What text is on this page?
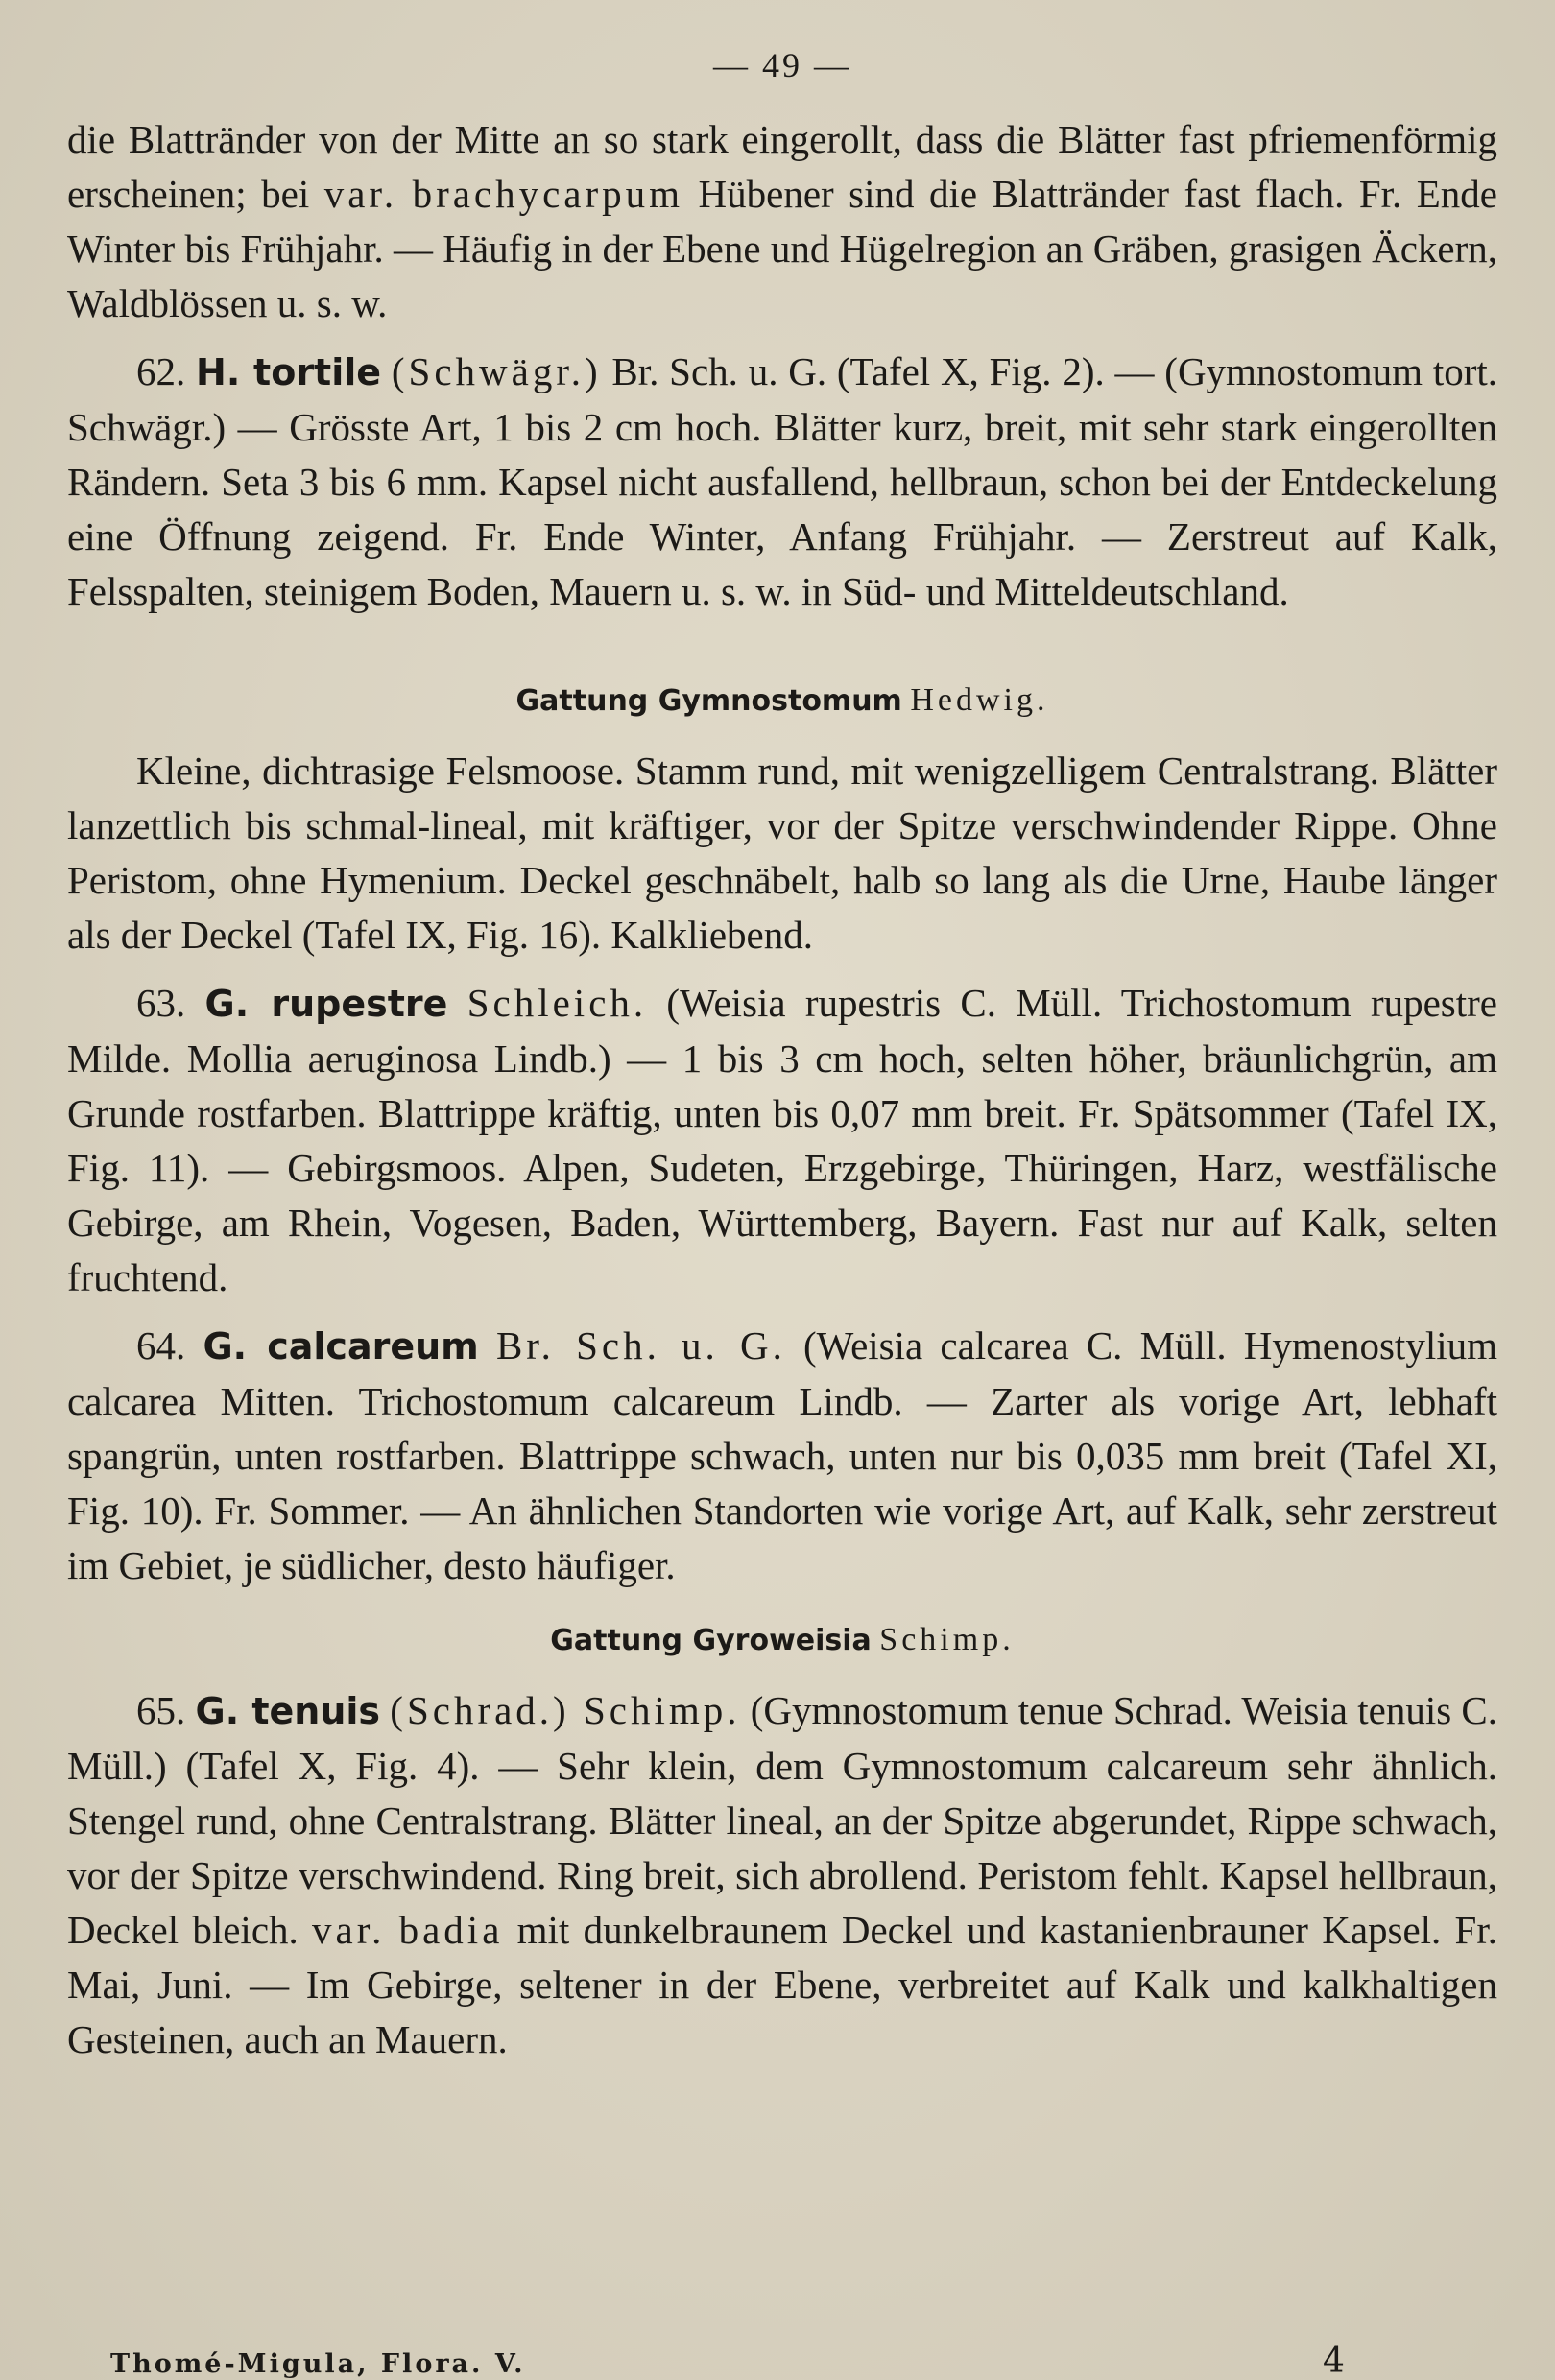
— 49 —

die Blattränder von der Mitte an so stark eingerollt, dass die Blätter fast pfriemenförmig erscheinen; bei var. brachycarpum Hübener sind die Blattränder fast flach. Fr. Ende Winter bis Frühjahr. — Häufig in der Ebene und Hügelregion an Gräben, grasigen Äckern, Waldblössen u. s. w.

62. H. tortile (Schwägr.) Br. Sch. u. G. (Tafel X, Fig. 2). — (Gymnostomum tort. Schwägr.) — Grösste Art, 1 bis 2 cm hoch. Blätter kurz, breit, mit sehr stark eingerollten Rändern. Seta 3 bis 6 mm. Kapsel nicht ausfallend, hellbraun, schon bei der Entdeckelung eine Öffnung zeigend. Fr. Ende Winter, Anfang Frühjahr. — Zerstreut auf Kalk, Felsspalten, steinigem Boden, Mauern u. s. w. in Süd- und Mitteldeutschland.

Gattung Gymnostomum Hedwig.

Kleine, dichtrasige Felsmoose. Stamm rund, mit wenigzelligem Centralstrang. Blätter lanzettlich bis schmal-lineal, mit kräftiger, vor der Spitze verschwindender Rippe. Ohne Peristom, ohne Hymenium. Deckel geschnäbelt, halb so lang als die Urne, Haube länger als der Deckel (Tafel IX, Fig. 16). Kalkliebend.

63. G. rupestre Schleich. (Weisia rupestris C. Müll. Trichostomum rupestre Milde. Mollia aeruginosa Lindb.) — 1 bis 3 cm hoch, selten höher, bräunlichgrün, am Grunde rostfarben. Blattrippe kräftig, unten bis 0,07 mm breit. Fr. Spätsommer (Tafel IX, Fig. 11). — Gebirgsmoos. Alpen, Sudeten, Erzgebirge, Thüringen, Harz, westfälische Gebirge, am Rhein, Vogesen, Baden, Württemberg, Bayern. Fast nur auf Kalk, selten fruchtend.

64. G. calcareum Br. Sch. u. G. (Weisia calcarea C. Müll. Hymenostylium calcarea Mitten. Trichostomum calcareum Lindb. — Zarter als vorige Art, lebhaft spangrün, unten rostfarben. Blattrippe schwach, unten nur bis 0,035 mm breit (Tafel XI, Fig. 10). Fr. Sommer. — An ähnlichen Standorten wie vorige Art, auf Kalk, sehr zerstreut im Gebiet, je südlicher, desto häufiger.

Gattung Gyroweisia Schimp.

65. G. tenuis (Schrad.) Schimp. (Gymnostomum tenue Schrad. Weisia tenuis C. Müll.) (Tafel X, Fig. 4). — Sehr klein, dem Gymnostomum calcareum sehr ähnlich. Stengel rund, ohne Centralstrang. Blätter lineal, an der Spitze abgerundet, Rippe schwach, vor der Spitze verschwindend. Ring breit, sich abrollend. Peristom fehlt. Kapsel hellbraun, Deckel bleich. var. badia mit dunkelbraunem Deckel und kastanienbrauner Kapsel. Fr. Mai, Juni. — Im Gebirge, seltener in der Ebene, verbreitet auf Kalk und kalkhaltigen Gesteinen, auch an Mauern.

Thomé-Migula, Flora. V.	4
